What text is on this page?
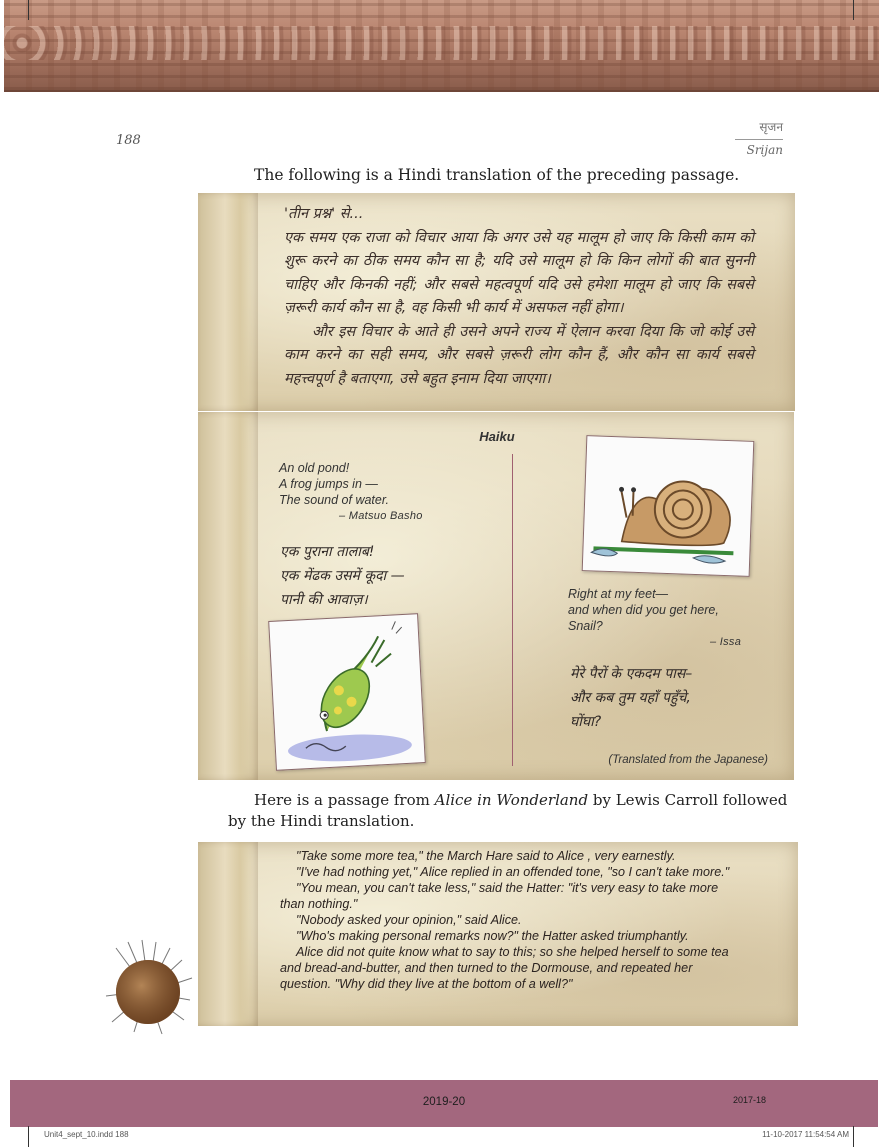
188
सृजन
Srijan
The following is a Hindi translation of the preceding passage.

'तीन प्रश्न' से...

एक समय एक राजा को विचार आया कि अगर उसे यह मालूम हो जाए कि किसी काम को शुरू करने का ठीक समय कौन सा है; यदि उसे मालूम हो कि किन लोगों की बात सुननी चाहिए और किनकी नहीं; और सबसे महत्वपूर्ण यदि उसे हमेशा मालूम हो जाए कि सबसे ज़रूरी कार्य कौन सा है, वह किसी भी कार्य में असफल नहीं होगा।

और इस विचार के आते ही उसने अपने राज्य में ऐलान करवा दिया कि जो कोई उसे काम करने का सही समय, और सबसे ज़रूरी लोग कौन हैं, और कौन सा कार्य सबसे महत्त्वपूर्ण है बताएगा, उसे बहुत इनाम दिया जाएगा।

Haiku
An old pond!
A frog jumps in —
The sound of water.
– Matsuo Basho
एक पुराना तालाब!
एक मेंढक उसमें कूदा —
पानी की आवाज़।	Right at my feet—
and when did you get here,
Snail?
– Issa
मेरे पैरों के एकदम पास–
और कब तुम यहाँ पहुँचे,
घोंघा?
(Translated from the Japanese)
Here is a passage from Alice in Wonderland by Lewis Carroll followed by the Hindi translation.

"Take some more tea," the March Hare said to Alice , very earnestly.

"I've had nothing yet," Alice replied in an offended tone, "so I can't take more."

"You mean, you can't take less," said the Hatter: "it's very easy to take more than nothing."

"Nobody asked your opinion," said Alice.

"Who's making personal remarks now?" the Hatter asked triumphantly.

Alice did not quite know what to say to this; so she helped herself to some tea and bread-and-butter, and then turned to the Dormouse, and repeated her question. "Why did they live at the bottom of a well?"

2019-20	2017-18
Unit4_sept_10.indd 188	11-10-2017 11:54:54 AM
